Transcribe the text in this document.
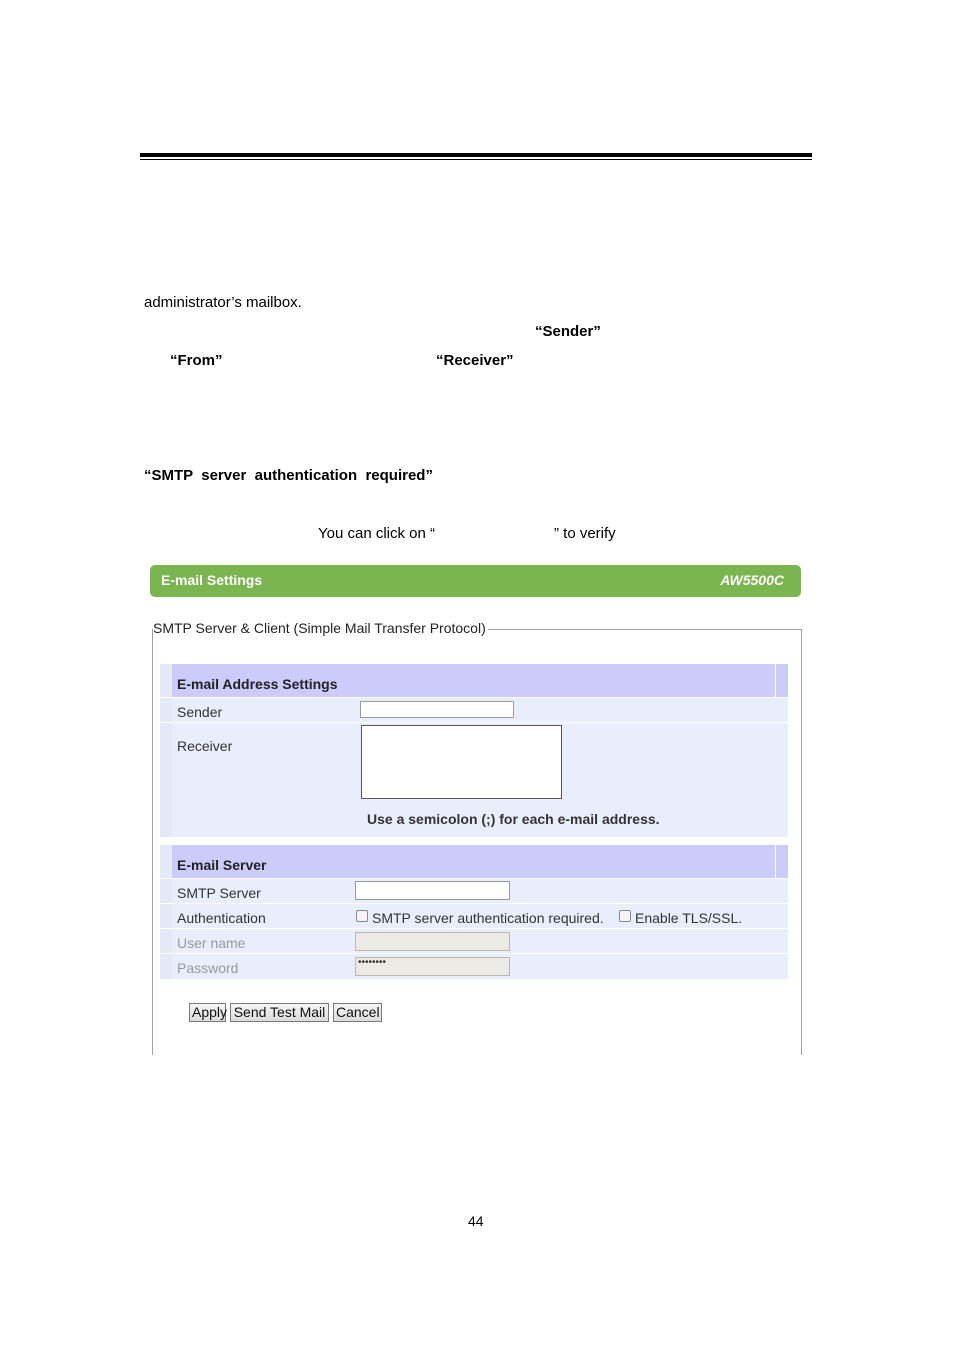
administrator’s mailbox.
“Sender”
“From”	“Receiver”
“SMTP  server  authentication  required”
You can click on “	” to verify
E-mail Settings	AW5500C
SMTP Server & Client (Simple Mail Transfer Protocol)
E-mail Address Settings
Sender
Receiver
Use a semicolon (;) for each e-mail address.
E-mail Server
SMTP Server
Authentication	SMTP server authentication required. Enable TLS/SSL.
User name
Password	••••••••
Apply Send Test Mail Cancel
44
